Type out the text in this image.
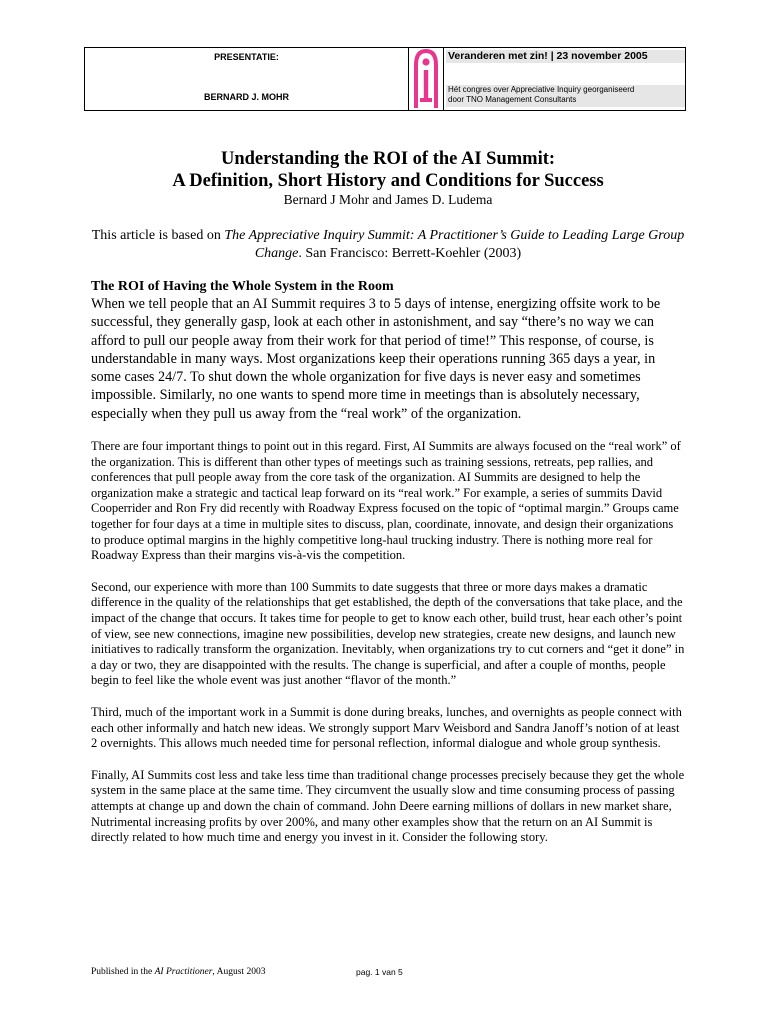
PRESENTATIE:
BERNARD J. MOHR
Veranderen met zin! | 23 november 2005
Hét congres over Appreciative Inquiry georganiseerd
door TNO Management Consultants
Understanding the ROI of the AI Summit:
A Definition, Short History and Conditions for Success

Bernard J Mohr and James D. Ludema

This article is based on The Appreciative Inquiry Summit: A Practitioner’s Guide to Leading Large Group Change. San Francisco: Berrett-Koehler (2003)

The ROI of Having the Whole System in the Room

When we tell people that an AI Summit requires 3 to 5 days of intense, energizing offsite work to be successful, they generally gasp, look at each other in astonishment, and say “there’s no way we can afford to pull our people away from their work for that period of time!” This response, of course, is understandable in many ways. Most organizations keep their operations running 365 days a year, in some cases 24/7. To shut down the whole organization for five days is never easy and sometimes impossible. Similarly, no one wants to spend more time in meetings than is absolutely necessary, especially when they pull us away from the “real work” of the organization.

There are four important things to point out in this regard. First, AI Summits are always focused on the “real work” of the organization. This is different than other types of meetings such as training sessions, retreats, pep rallies, and conferences that pull people away from the core task of the organization. AI Summits are designed to help the organization make a strategic and tactical leap forward on its “real work.” For example, a series of summits David Cooperrider and Ron Fry did recently with Roadway Express focused on the topic of “optimal margin.” Groups came together for four days at a time in multiple sites to discuss, plan, coordinate, innovate, and design their organizations to produce optimal margins in the highly competitive long-haul trucking industry. There is nothing more real for Roadway Express than their margins vis-à-vis the competition.

Second, our experience with more than 100 Summits to date suggests that three or more days makes a dramatic difference in the quality of the relationships that get established, the depth of the conversations that take place, and the impact of the change that occurs. It takes time for people to get to know each other, build trust, hear each other’s point of view, see new connections, imagine new possibilities, develop new strategies, create new designs, and launch new initiatives to radically transform the organization. Inevitably, when organizations try to cut corners and “get it done” in a day or two, they are disappointed with the results. The change is superficial, and after a couple of months, people begin to feel like the whole event was just another “flavor of the month.”

Third, much of the important work in a Summit is done during breaks, lunches, and overnights as people connect with each other informally and hatch new ideas. We strongly support Marv Weisbord and Sandra Janoff’s notion of at least 2 overnights. This allows much needed time for personal reflection, informal dialogue and whole group synthesis.

Finally, AI Summits cost less and take less time than traditional change processes precisely because they get the whole system in the same place at the same time. They circumvent the usually slow and time consuming process of passing attempts at change up and down the chain of command. John Deere earning millions of dollars in new market share, Nutrimental increasing profits by over 200%, and many other examples show that the return on an AI Summit is directly related to how much time and energy you invest in it. Consider the following story.

Published in the AI Practitioner, August 2003	pag. 1 van 5
